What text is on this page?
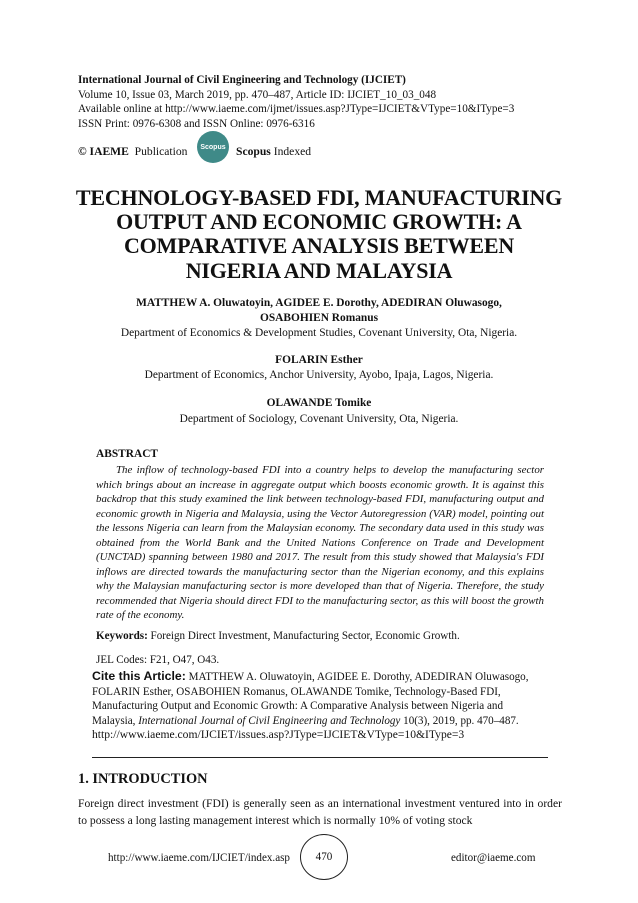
International Journal of Civil Engineering and Technology (IJCIET)
Volume 10, Issue 03, March 2019, pp. 470–487, Article ID: IJCIET_10_03_048
Available online at http://www.iaeme.com/ijmet/issues.asp?JType=IJCIET&VType=10&IType=3
ISSN Print: 0976-6308 and ISSN Online: 0976-6316
© IAEME
Publication	Scopus Scopus Indexed
TECHNOLOGY-BASED FDI, MANUFACTURING
OUTPUT AND ECONOMIC GROWTH: A
COMPARATIVE ANALYSIS BETWEEN
NIGERIA AND MALAYSIA
MATTHEW A. Oluwatoyin, AGIDEE E. Dorothy, ADEDIRAN Oluwasogo,
OSABOHIEN Romanus
Department of Economics & Development Studies, Covenant University, Ota, Nigeria.
FOLARIN Esther
Department of Economics, Anchor University, Ayobo, Ipaja, Lagos, Nigeria.
OLAWANDE Tomike
Department of Sociology, Covenant University, Ota, Nigeria.
ABSTRACT
The inflow of technology-based FDI into a country helps to develop the manufacturing sector which brings about an increase in aggregate output which boosts economic growth. It is against this backdrop that this study examined the link between technology-based FDI, manufacturing output and economic growth in Nigeria and Malaysia, using the Vector Autoregression (VAR) model, pointing out the lessons Nigeria can learn from the Malaysian economy. The secondary data used in this study was obtained from the World Bank and the United Nations Conference on Trade and Development (UNCTAD) spanning between 1980 and 2017. The result from this study showed that Malaysia's FDI inflows are directed towards the manufacturing sector than the Nigerian economy, and this explains why the Malaysian manufacturing sector is more developed than that of Nigeria. Therefore, the study recommended that Nigeria should direct FDI to the manufacturing sector, as this will boost the growth rate of the economy.
Keywords: Foreign Direct Investment, Manufacturing Sector, Economic Growth.
JEL Codes: F21, O47, O43.
Cite this Article: MATTHEW A. Oluwatoyin, AGIDEE E. Dorothy, ADEDIRAN Oluwasogo, FOLARIN Esther, OSABOHIEN Romanus, OLAWANDE Tomike, Technology-Based FDI, Manufacturing Output and Economic Growth: A Comparative Analysis between Nigeria and Malaysia, International Journal of Civil Engineering and Technology 10(3), 2019, pp. 470–487.
http://www.iaeme.com/IJCIET/issues.asp?JType=IJCIET&VType=10&IType=3
1. INTRODUCTION
Foreign direct investment (FDI) is generally seen as an international investment ventured into in order to possess a long lasting management interest which is normally 10% of voting stock
http://www.iaeme.com/IJCIET/index.asp	470	editor@iaeme.com
